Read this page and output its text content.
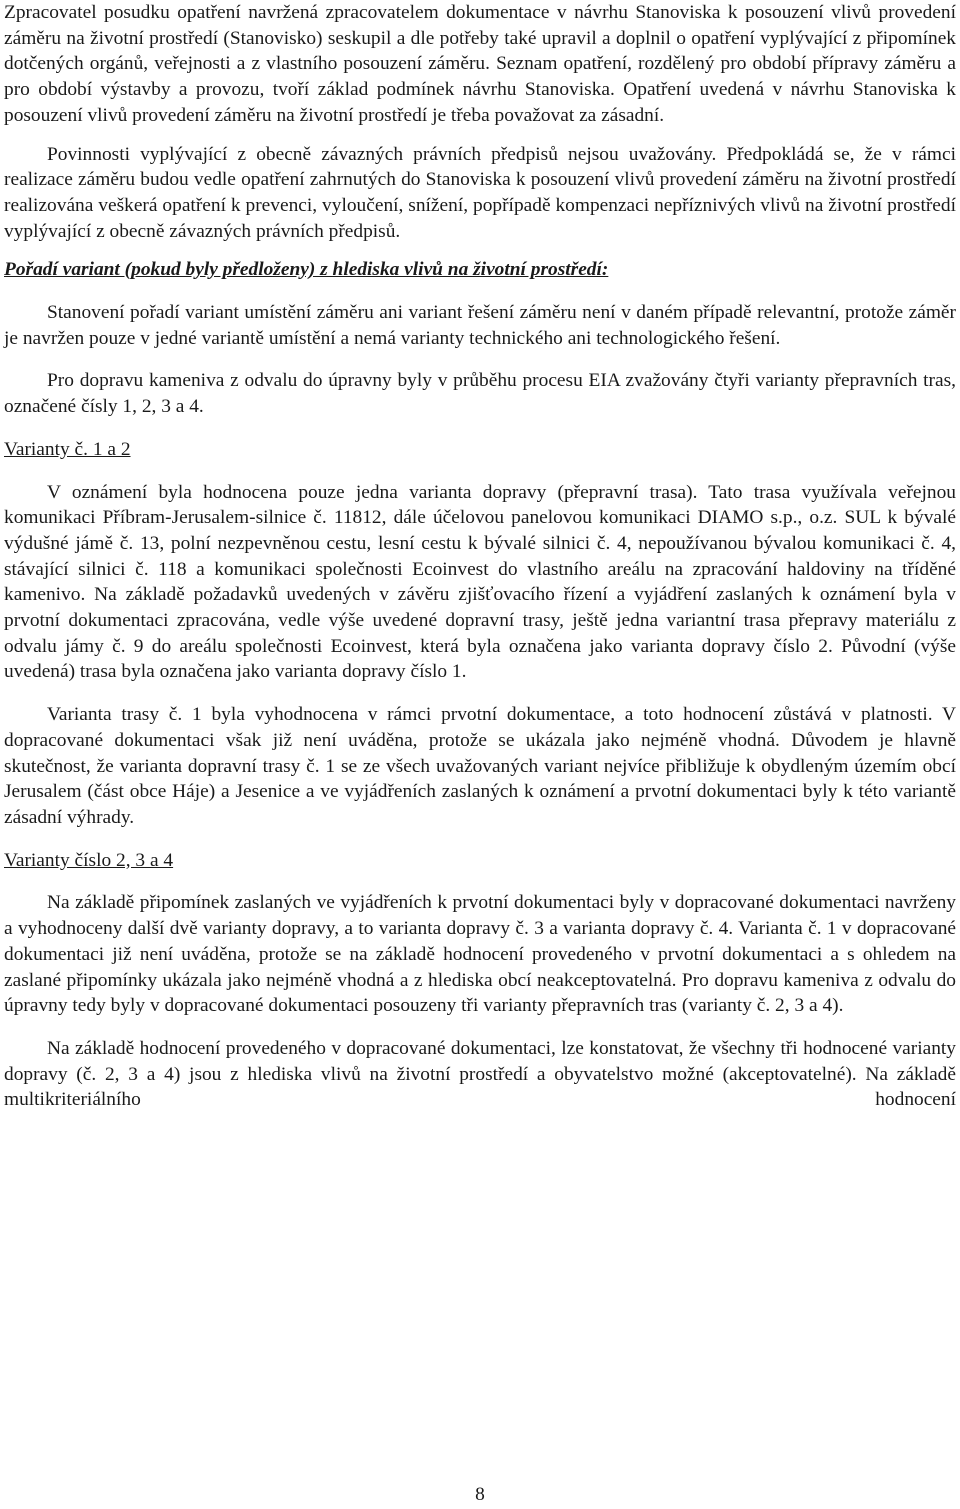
Zpracovatel posudku opatření navržená zpracovatelem dokumentace v návrhu Stanoviska k posouzení vlivů provedení záměru na životní prostředí (Stanovisko) seskupil a dle potřeby také upravil a doplnil o opatření vyplývající z připomínek dotčených orgánů, veřejnosti a z vlastního posouzení záměru. Seznam opatření, rozdělený pro období přípravy záměru a pro období výstavby a provozu, tvoří základ podmínek návrhu Stanoviska. Opatření uvedená v návrhu Stanoviska k posouzení vlivů provedení záměru na životní prostředí je třeba považovat za zásadní.

Povinnosti vyplývající z obecně závazných právních předpisů nejsou uvažovány. Předpokládá se, že v rámci realizace záměru budou vedle opatření zahrnutých do Stanoviska k posouzení vlivů provedení záměru na životní prostředí realizována veškerá opatření k prevenci, vyloučení, snížení, popřípadě kompenzaci nepříznivých vlivů na životní prostředí vyplývající z obecně závazných právních předpisů.

Pořadí variant (pokud byly předloženy) z hlediska vlivů na životní prostředí:

Stanovení pořadí variant umístění záměru ani variant řešení záměru není v daném případě relevantní, protože záměr je navržen pouze v jedné variantě umístění a nemá varianty technického ani technologického řešení.

Pro dopravu kameniva z odvalu do úpravny byly v průběhu procesu EIA zvažovány čtyři varianty přepravních tras, označené čísly 1, 2, 3 a 4.

Varianty č. 1 a 2

V oznámení byla hodnocena pouze jedna varianta dopravy (přepravní trasa). Tato trasa využívala veřejnou komunikaci Příbram-Jerusalem-silnice č. 11812, dále účelovou panelovou komunikaci DIAMO s.p., o.z. SUL k bývalé výdušné jámě č. 13, polní nezpevněnou cestu, lesní cestu k bývalé silnici č. 4, nepoužívanou bývalou komunikaci č. 4, stávající silnici č. 118 a komunikaci společnosti Ecoinvest do vlastního areálu na zpracování haldoviny na tříděné kamenivo. Na základě požadavků uvedených v závěru zjišťovacího řízení a vyjádření zaslaných k oznámení byla v prvotní dokumentaci zpracována, vedle výše uvedené dopravní trasy, ještě jedna variantní trasa přepravy materiálu z odvalu jámy č. 9 do areálu společnosti Ecoinvest, která byla označena jako varianta dopravy číslo 2. Původní (výše uvedená) trasa byla označena jako varianta dopravy číslo 1.

Varianta trasy č. 1 byla vyhodnocena v rámci prvotní dokumentace, a toto hodnocení zůstává v platnosti. V dopracované dokumentaci však již není uváděna, protože se ukázala jako nejméně vhodná. Důvodem je hlavně skutečnost, že varianta dopravní trasy č. 1 se ze všech uvažovaných variant nejvíce přibližuje k obydleným územím obcí Jerusalem (část obce Háje) a Jesenice a ve vyjádřeních zaslaných k oznámení a prvotní dokumentaci byly k této variantě zásadní výhrady.

Varianty číslo 2, 3 a 4

Na základě připomínek zaslaných ve vyjádřeních k prvotní dokumentaci byly v dopracované dokumentaci navrženy a vyhodnoceny další dvě varianty dopravy, a to varianta dopravy č. 3 a varianta dopravy č. 4. Varianta č. 1 v dopracované dokumentaci již není uváděna, protože se na základě hodnocení provedeného v prvotní dokumentaci a s ohledem na zaslané připomínky ukázala jako nejméně vhodná a z hlediska obcí neakceptovatelná. Pro dopravu kameniva z odvalu do úpravny tedy byly v dopracované dokumentaci posouzeny tři varianty přepravních tras (varianty č. 2, 3 a 4).

Na základě hodnocení provedeného v dopracované dokumentaci, lze konstatovat, že všechny tři hodnocené varianty dopravy (č. 2, 3 a 4) jsou z hlediska vlivů na životní prostředí a obyvatelstvo možné (akceptovatelné). Na základě multikriteriálního hodnocení

8
